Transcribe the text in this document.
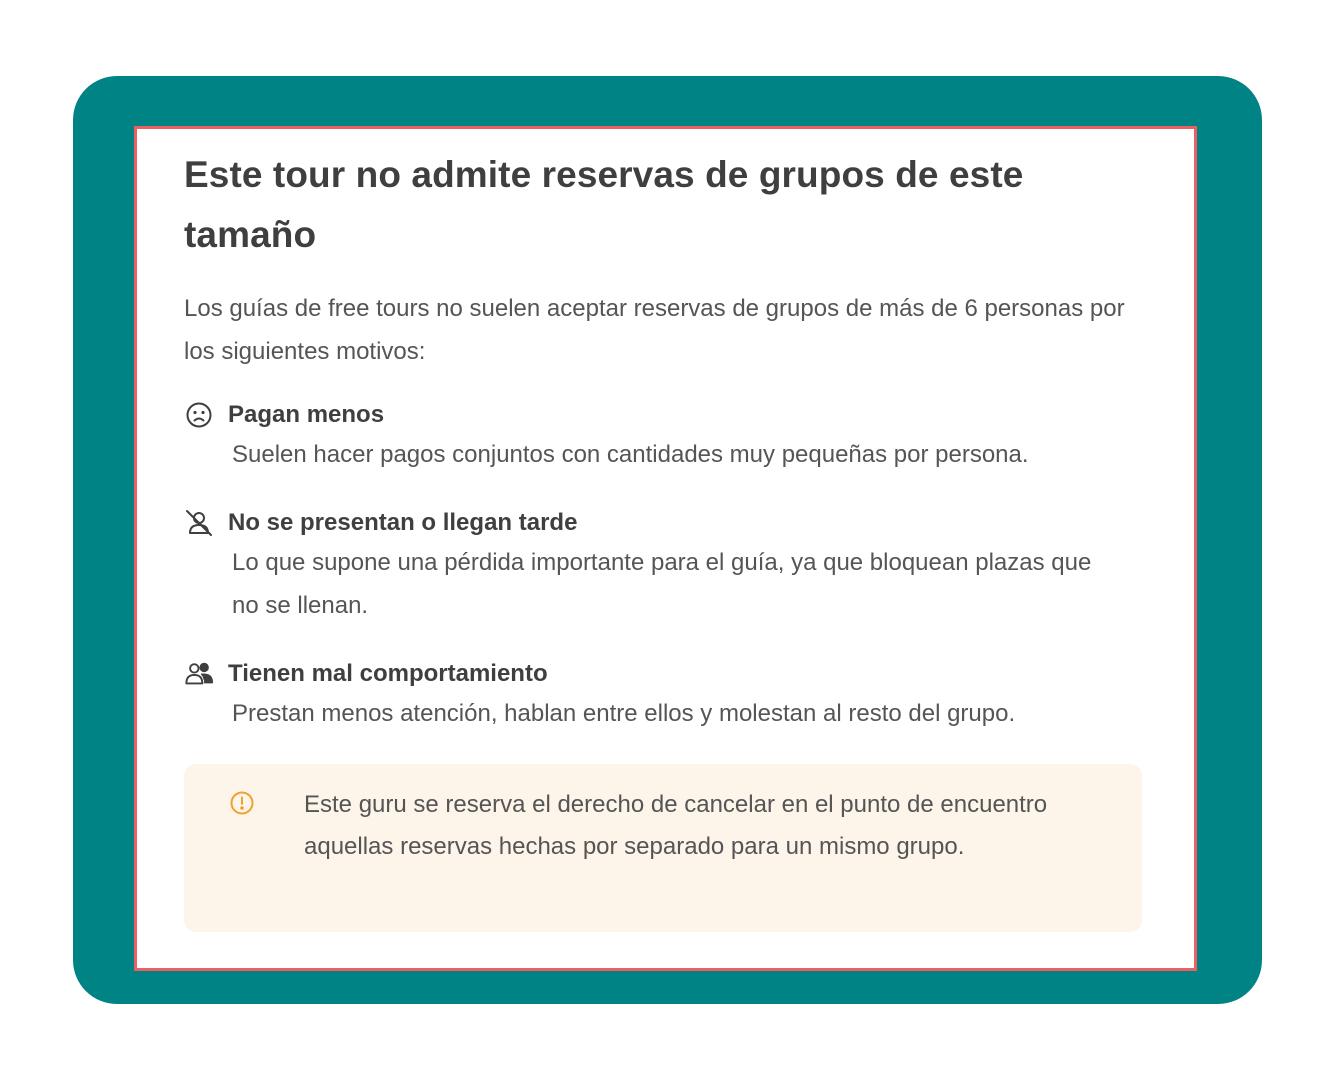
Este tour no admite reservas de grupos de este tamaño
Los guías de free tours no suelen aceptar reservas de grupos de más de 6 personas por los siguientes motivos:
Pagan menos
Suelen hacer pagos conjuntos con cantidades muy pequeñas por persona.
No se presentan o llegan tarde
Lo que supone una pérdida importante para el guía, ya que bloquean plazas que no se llenan.
Tienen mal comportamiento
Prestan menos atención, hablan entre ellos y molestan al resto del grupo.
Este guru se reserva el derecho de cancelar en el punto de encuentro aquellas reservas hechas por separado para un mismo grupo.
